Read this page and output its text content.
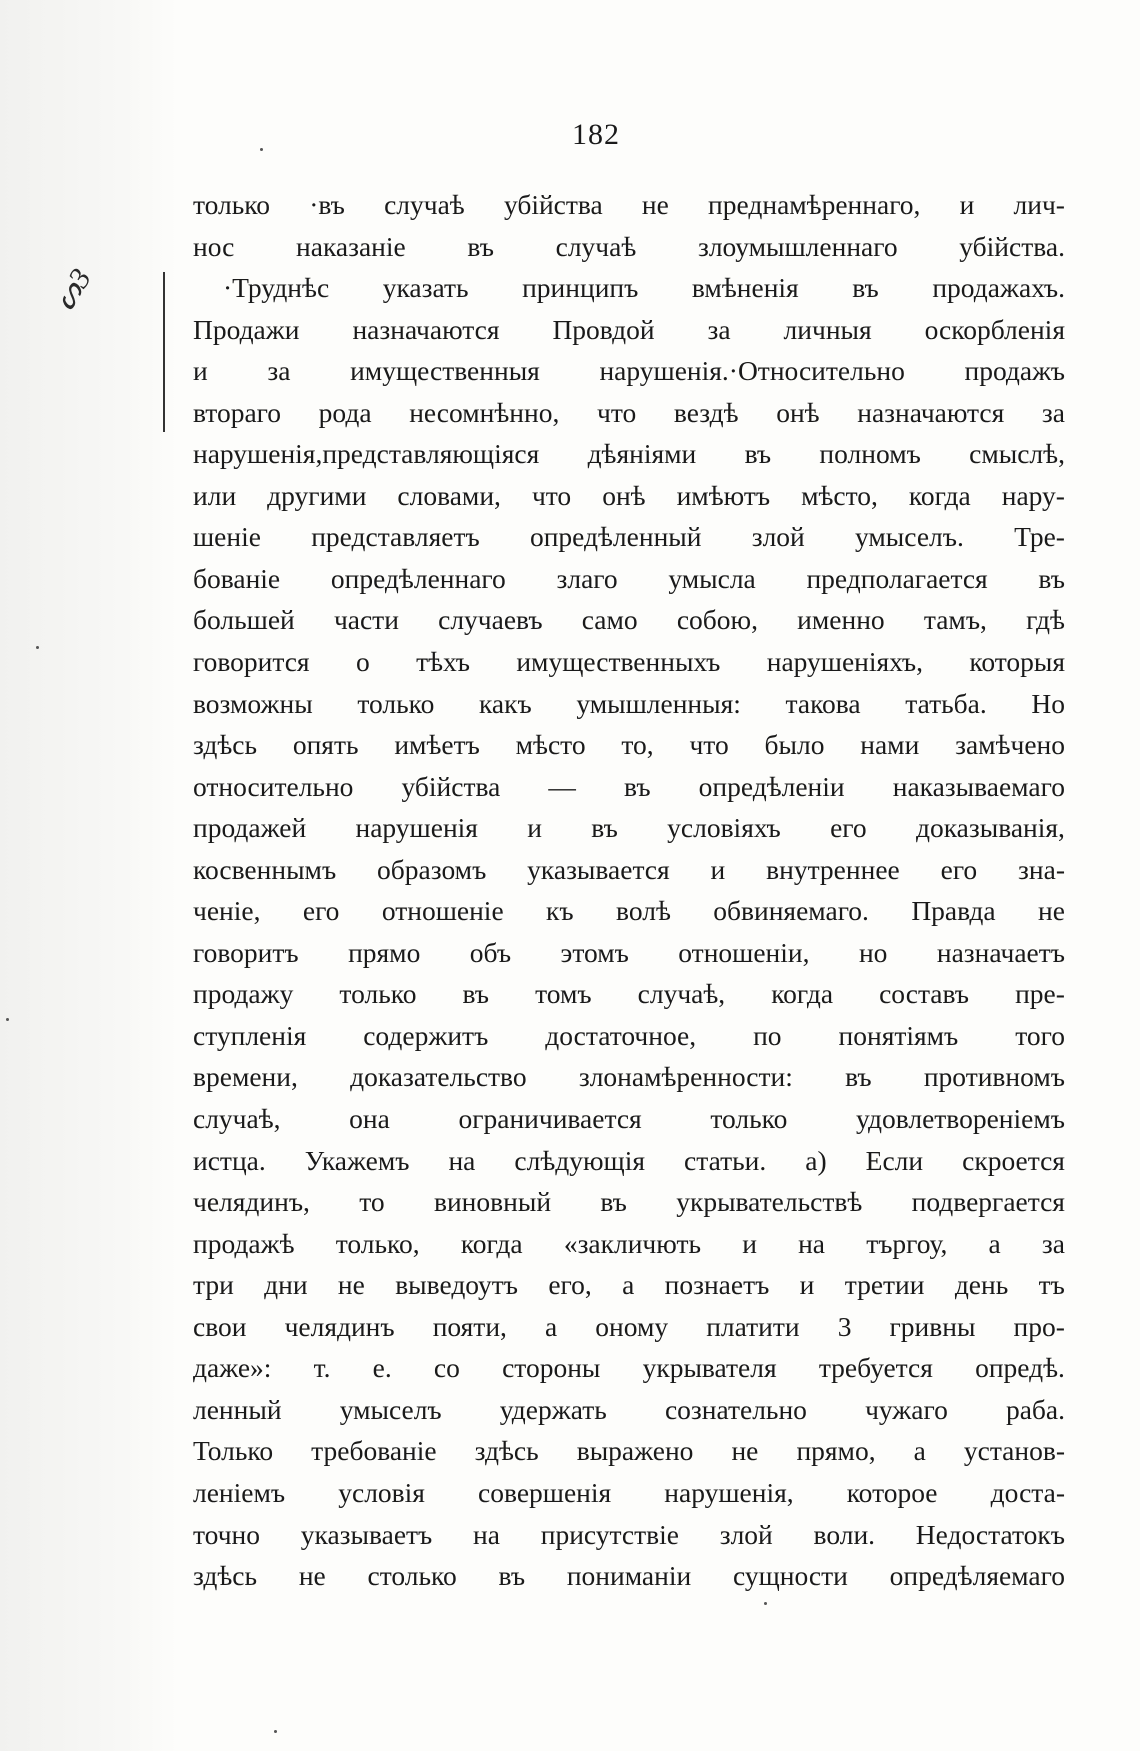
182
ᔕ3
только ·въ случаѣ убійства не преднамѣреннаго, и лич-
нос наказаніе въ случаѣ злоумышленнаго убійства.
·Труднѣс указать принципъ вмѣненія въ продажахъ.
Продажи назначаются Провдой за личныя оскорбленія
и за имущественныя нарушенія.·Относительно продажъ
втораго рода несомнѣнно, что вездѣ онѣ назначаются за
нарушенія,представляющіяся дѣяніями въ полномъ смыслѣ,
или другими словами, что онѣ имѣютъ мѣсто, когда нару-
шеніе представляетъ опредѣленный злой умыселъ. Тре-
бованіе опредѣленнаго злаго умысла предполагается въ
большей части случаевъ само собою, именно тамъ, гдѣ
говорится о тѣхъ имущественныхъ нарушеніяхъ, которыя
возможны только какъ умышленныя: такова татьба. Но
здѣсь опять имѣетъ мѣсто то, что было нами замѣчено
относительно убійства — въ опредѣленіи наказываемаго
продажей нарушенія и въ условіяхъ его доказыванія,
косвеннымъ образомъ указывается и внутреннее его зна-
ченіе, его отношеніе къ волѣ обвиняемаго. Правда не
говоритъ прямо объ этомъ отношеніи, но назначаетъ
продажу только въ томъ случаѣ, когда составъ пре-
ступленія содержитъ достаточное, по понятіямъ того
времени, доказательство злонамѣренности: въ противномъ
случаѣ, она ограничивается только удовлетвореніемъ
истца. Укажемъ на слѣдующія статьи. а) Если скроется
челядинъ, то виновный въ укрывательствѣ подвергается
продажѣ только, когда «закличють и на търгоу, а за
три дни не выведоутъ его, а познаетъ и третии день тъ
свои челядинъ пояти, а оному платити 3 гривны про-
даже»: т. е. со стороны укрывателя требуется опредѣ.
ленный умыселъ удержать сознательно чужаго раба.
Только требованіе здѣсь выражено не прямо, а установ-
леніемъ условія совершенія нарушенія, которое доста-
точно указываетъ на присутствіе злой воли. Недостатокъ
здѣсь не столько въ пониманіи сущности опредѣляемаго
